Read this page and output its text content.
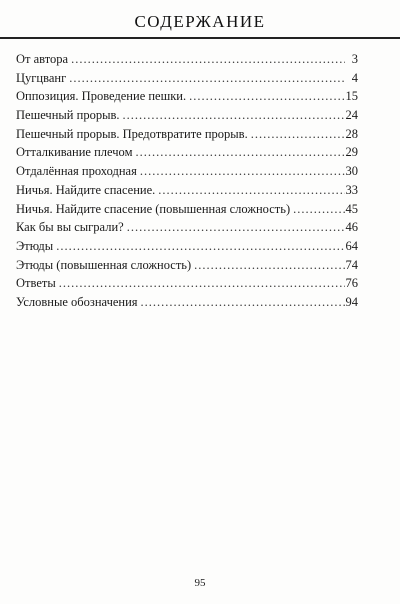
СОДЕРЖАНИЕ
От автора .....	3
Цугцванг .....	4
Оппозиция. Проведение пешки. .....	15
Пешечный прорыв. .....	24
Пешечный прорыв. Предотвратите прорыв. .....	28
Отталкивание плечом .....	29
Отдалённая проходная .....	30
Ничья. Найдите спасение. .....	33
Ничья. Найдите спасение (повышенная сложность) .....	45
Как бы вы сыграли? .....	46
Этюды .....	64
Этюды (повышенная сложность) .....	74
Ответы .....	76
Условные обозначения .....	94
95
